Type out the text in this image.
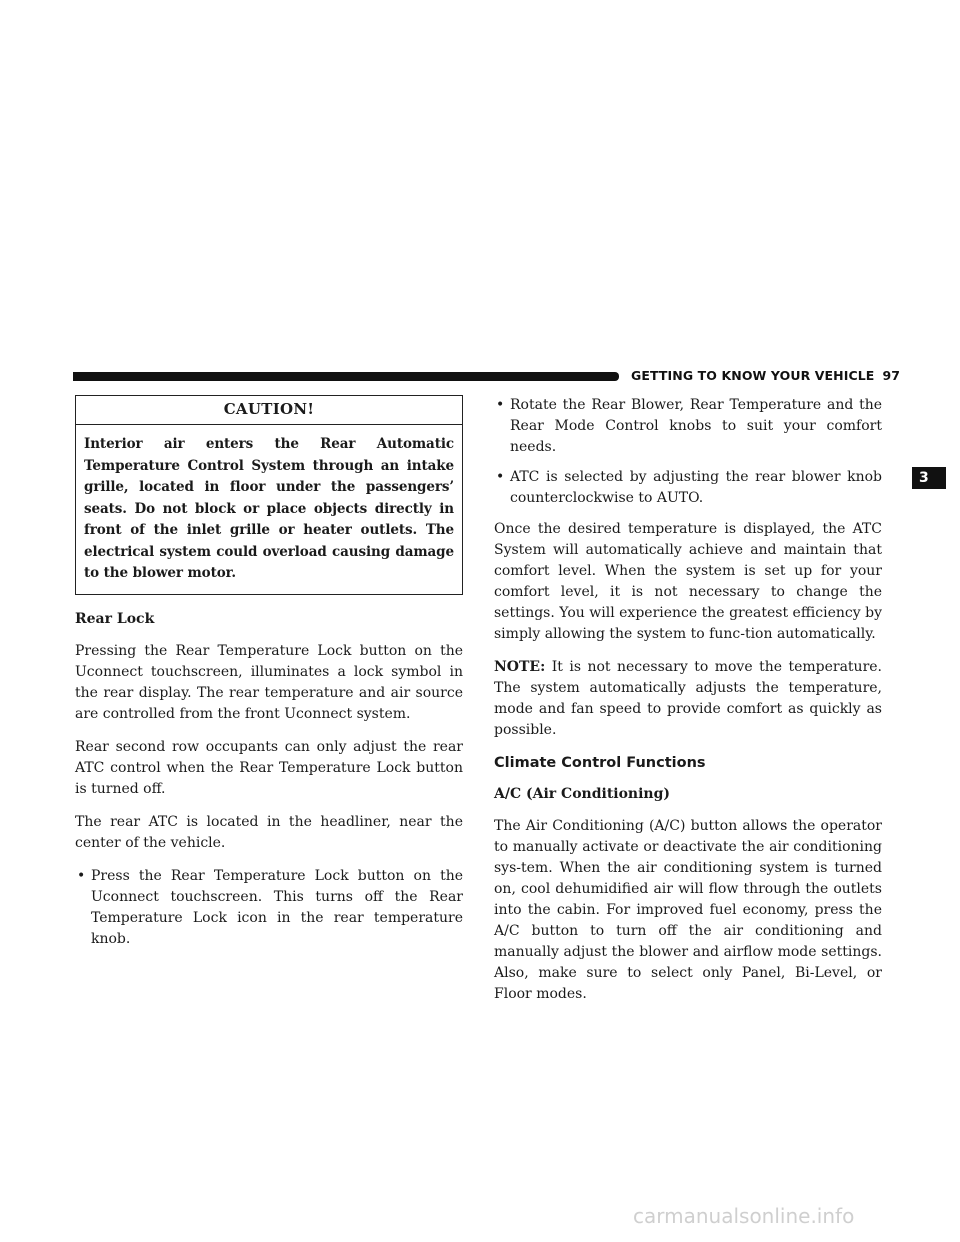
GETTING TO KNOW YOUR VEHICLE 97
3
CAUTION!
Interior air enters the Rear Automatic Temperature Control System through an intake grille, located in floor under the passengers’ seats. Do not block or place objects directly in front of the inlet grille or heater outlets. The electrical system could overload causing damage to the blower motor.
Rear Lock

Pressing the Rear Temperature Lock button on the Uconnect touchscreen, illuminates a lock symbol in the rear display. The rear temperature and air source are controlled from the front Uconnect system.

Rear second row occupants can only adjust the rear ATC control when the Rear Temperature Lock button is turned off.

The rear ATC is located in the headliner, near the center of the vehicle.

• Press the Rear Temperature Lock button on the Uconnect touchscreen. This turns off the Rear Temperature Lock icon in the rear temperature knob.
• Rotate the Rear Blower, Rear Temperature and the Rear Mode Control knobs to suit your comfort needs.
• ATC is selected by adjusting the rear blower knob counterclockwise to AUTO.

Once the desired temperature is displayed, the ATC System will automatically achieve and maintain that comfort level. When the system is set up for your comfort level, it is not necessary to change the settings. You will experience the greatest efficiency by simply allowing the system to func-tion automatically.

NOTE: It is not necessary to move the temperature. The system automatically adjusts the temperature, mode and fan speed to provide comfort as quickly as possible.

Climate Control Functions
A/C (Air Conditioning)

The Air Conditioning (A/C) button allows the operator to manually activate or deactivate the air conditioning sys-tem. When the air conditioning system is turned on, cool dehumidified air will flow through the outlets into the cabin. For improved fuel economy, press the A/C button to turn off the air conditioning and manually adjust the blower and airflow mode settings. Also, make sure to select only Panel, Bi-Level, or Floor modes.

carmanualsonline.info
